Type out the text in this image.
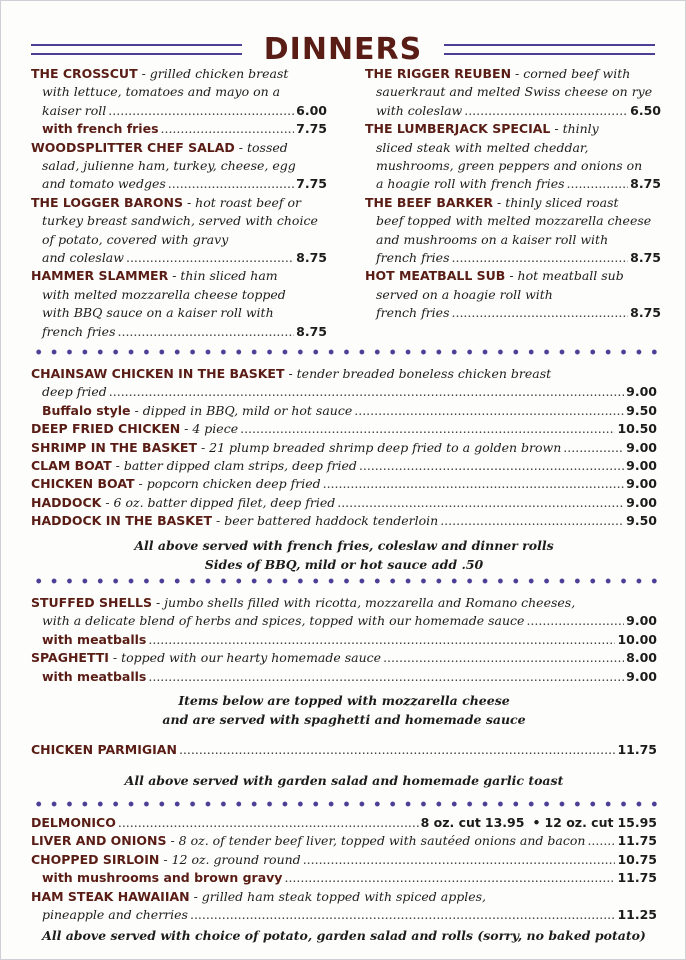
DINNERS
THE CROSSCUT - grilled chicken breast
with lettuce, tomatoes and mayo on a
kaiser roll .....	6.00
with french fries .....	7.75
WOODSPLITTER CHEF SALAD - tossed
salad, julienne ham, turkey, cheese, egg
and tomato wedges .....	7.75
THE LOGGER BARONS - hot roast beef or
turkey breast sandwich, served with choice
of potato, covered with gravy
and coleslaw .....	8.75
HAMMER SLAMMER - thin sliced ham
with melted mozzarella cheese topped
with BBQ sauce on a kaiser roll with
french fries .....	8.75
THE RIGGER REUBEN - corned beef with
sauerkraut and melted Swiss cheese on rye
with coleslaw .....	6.50
THE LUMBERJACK SPECIAL - thinly
sliced steak with melted cheddar,
mushrooms, green peppers and onions on
a hoagie roll with french fries .....	8.75
THE BEEF BARKER - thinly sliced roast
beef topped with melted mozzarella cheese
and mushrooms on a kaiser roll with
french fries .....	8.75
HOT MEATBALL SUB - hot meatball sub
served on a hoagie roll with
french fries .....	8.75
CHAINSAW CHICKEN IN THE BASKET - tender breaded boneless chicken breast
deep fried .....	9.00
Buffalo style - dipped in BBQ, mild or hot sauce .....	9.50
DEEP FRIED CHICKEN - 4 piece .....	10.50
SHRIMP IN THE BASKET - 21 plump breaded shrimp deep fried to a golden brown .....	9.00
CLAM BOAT - batter dipped clam strips, deep fried .....	9.00
CHICKEN BOAT - popcorn chicken deep fried .....	9.00
HADDOCK - 6 oz. batter dipped filet, deep fried .....	9.00
HADDOCK IN THE BASKET - beer battered haddock tenderloin .....	9.50
All above served with french fries, coleslaw and dinner rolls
Sides of BBQ, mild or hot sauce add .50
STUFFED SHELLS - jumbo shells filled with ricotta, mozzarella and Romano cheeses,
with a delicate blend of herbs and spices, topped with our homemade sauce .....	9.00
with meatballs .....	10.00
SPAGHETTI - topped with our hearty homemade sauce .....	8.00
with meatballs .....	9.00
Items below are topped with mozzarella cheese
and are served with spaghetti and homemade sauce
CHICKEN PARMIGIAN .....	11.75
All above served with garden salad and homemade garlic toast
DELMONICO .....	8 oz. cut 13.95 • 12 oz. cut 15.95
LIVER AND ONIONS - 8 oz. of tender beef liver, topped with sautéed onions and bacon .....	11.75
CHOPPED SIRLOIN - 12 oz. ground round .....	10.75
with mushrooms and brown gravy .....	11.75
HAM STEAK HAWAIIAN - grilled ham steak topped with spiced apples,
pineapple and cherries .....	11.25
All above served with choice of potato, garden salad and rolls (sorry, no baked potato)
